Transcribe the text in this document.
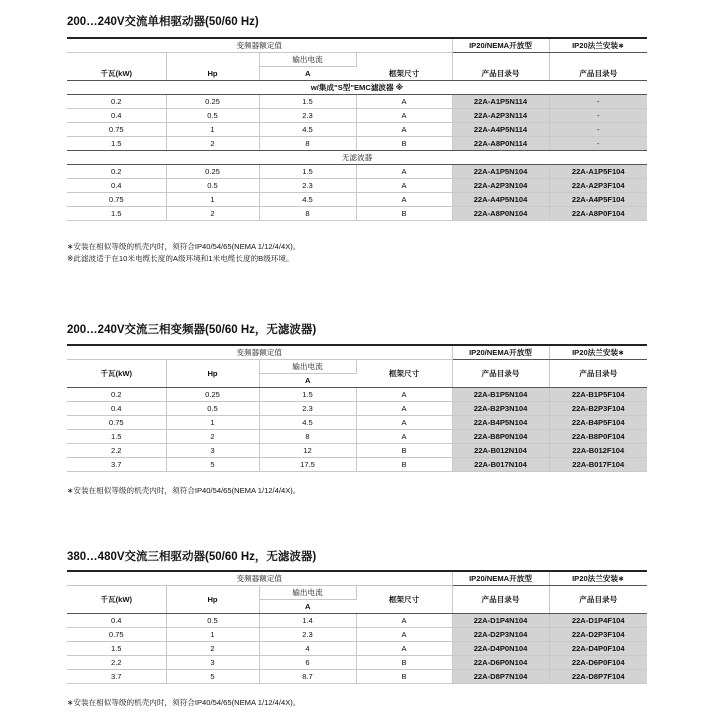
200…240V交流单相驱动器(50/60 Hz)
变频器额定值				IP20/NEMA开放型	IP20法兰安装∗
千瓦(kW)	Hp	输出电流	框架尺寸	产品目录号	产品目录号
		A			
w/集成"S型"EMC滤波器 ※					
0.2	0.25	1.5	A	22A-A1P5N114	-
0.4	0.5	2.3	A	22A-A2P3N114	-
0.75	1	4.5	A	22A-A4P5N114	-
1.5	2	8	B	22A-A8P0N114	-
无滤波器					
0.2	0.25	1.5	A	22A-A1P5N104	22A-A1P5F104
0.4	0.5	2.3	A	22A-A2P3N104	22A-A2P3F104
0.75	1	4.5	A	22A-A4P5N104	22A-A4P5F104
1.5	2	8	B	22A-A8P0N104	22A-A8P0F104
∗安装在相似等级的机壳内时，须符合IP40/54/65(NEMA 1/12/4/4X)。
※此滤波适于在10米电缆长度的A级环境和1米电缆长度的B级环境。
200…240V交流三相变频器(50/60 Hz，无滤波器)
变频器额定值				IP20/NEMA开放型	IP20法兰安装∗
千瓦(kW)	Hp	输出电流	框架尺寸	产品目录号	产品目录号
		A			
0.2	0.25	1.5	A	22A-B1P5N104	22A-B1P5F104
0.4	0.5	2.3	A	22A-B2P3N104	22A-B2P3F104
0.75	1	4.5	A	22A-B4P5N104	22A-B4P5F104
1.5	2	8	A	22A-B8P0N104	22A-B8P0F104
2.2	3	12	B	22A-B012N104	22A-B012F104
3.7	5	17.5	B	22A-B017N104	22A-B017F104
∗安装在相似等级的机壳内时，须符合IP40/54/65(NEMA 1/12/4/4X)。
380…480V交流三相驱动器(50/60 Hz，无滤波器)
变频器额定值				IP20/NEMA开放型	IP20法兰安装∗
千瓦(kW)	Hp	输出电流	框架尺寸	产品目录号	产品目录号
		A			
0.4	0.5	1.4	A	22A-D1P4N104	22A-D1P4F104
0.75	1	2.3	A	22A-D2P3N104	22A-D2P3F104
1.5	2	4	A	22A-D4P0N104	22A-D4P0F104
2.2	3	6	B	22A-D6P0N104	22A-D6P0F104
3.7	5	8.7	B	22A-D8P7N104	22A-D8P7F104
∗安装在相似等级的机壳内时，须符合IP40/54/65(NEMA 1/12/4/4X)。
